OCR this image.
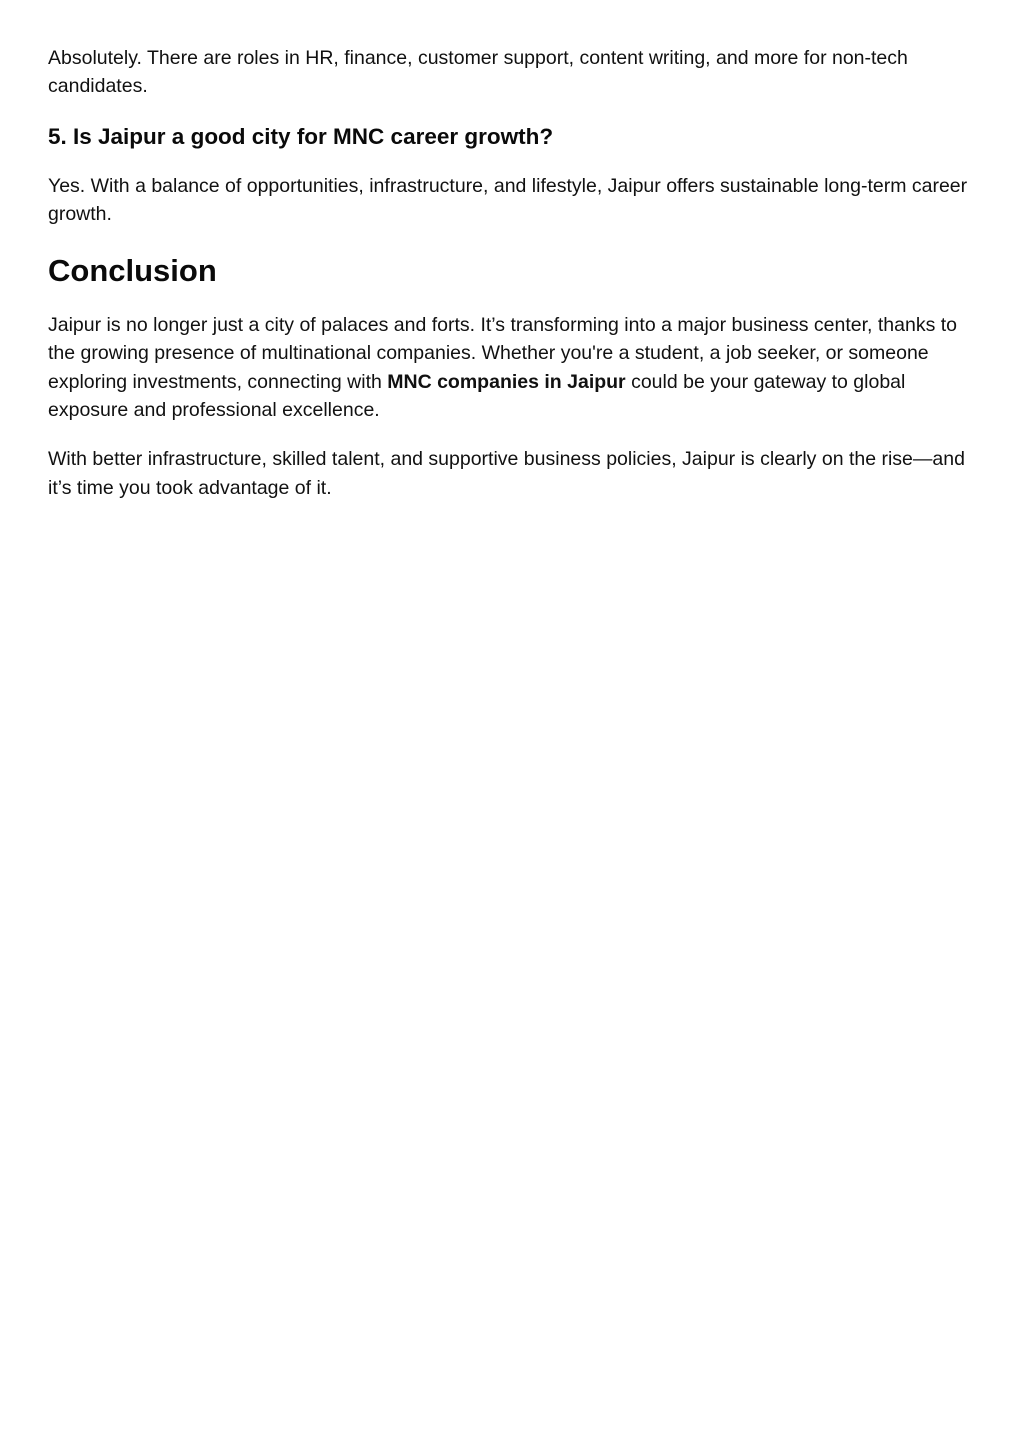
Absolutely. There are roles in HR, finance, customer support, content writing, and more for non-tech candidates.

5. Is Jaipur a good city for MNC career growth?

Yes. With a balance of opportunities, infrastructure, and lifestyle, Jaipur offers sustainable long-term career growth.

Conclusion

Jaipur is no longer just a city of palaces and forts. It’s transforming into a major business center, thanks to the growing presence of multinational companies. Whether you're a student, a job seeker, or someone exploring investments, connecting with MNC companies in Jaipur could be your gateway to global exposure and professional excellence.

With better infrastructure, skilled talent, and supportive business policies, Jaipur is clearly on the rise—and it’s time you took advantage of it.
